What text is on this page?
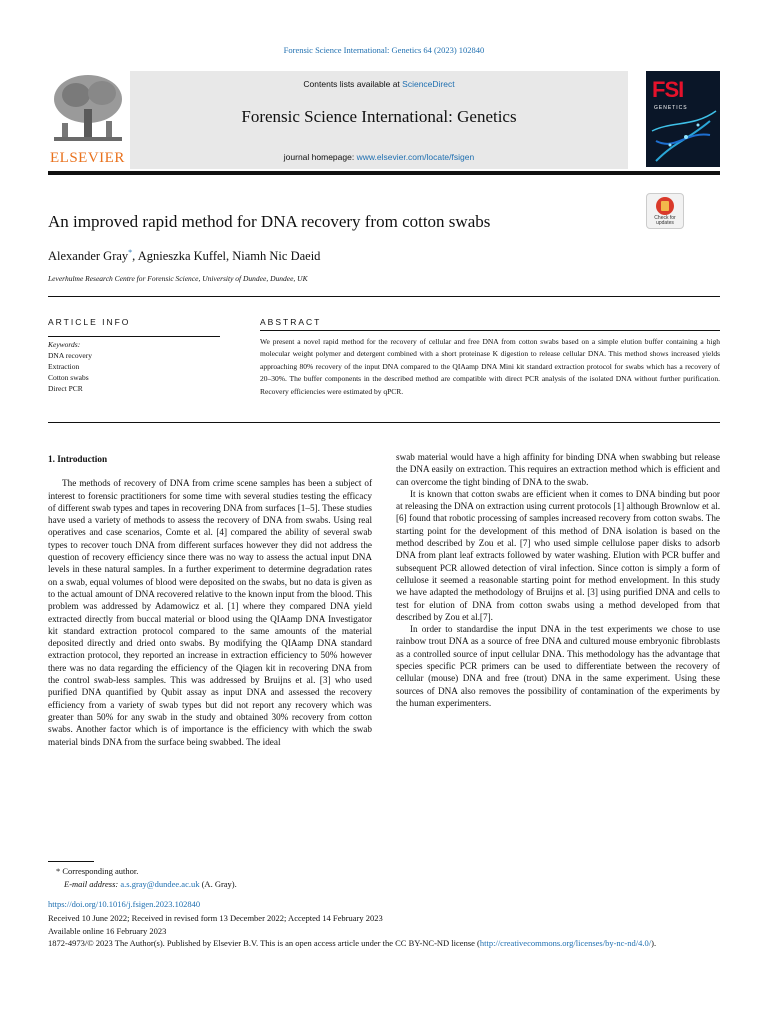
Forensic Science International: Genetics 64 (2023) 102840
ELSEVIER
Contents lists available at ScienceDirect
Forensic Science International: Genetics
journal homepage: www.elsevier.com/locate/fsigen
FSI
GENETICS
An improved rapid method for DNA recovery from cotton swabs	Check for
updates
Alexander Gray*, Agnieszka Kuffel, Niamh Nic Daeid
Leverhulme Research Centre for Forensic Science, University of Dundee, Dundee, UK
ARTICLE INFO
Keywords:
DNA recovery
Extraction
Cotton swabs
Direct PCR
ABSTRACT
We present a novel rapid method for the recovery of cellular and free DNA from cotton swabs based on a simple elution buffer containing a high molecular weight polymer and detergent combined with a short proteinase K digestion to release cellular DNA. This method shows increased yields approaching 80% recovery of the input DNA compared to the QIAamp DNA Mini kit standard extraction protocol for swabs which has a recovery of 20–30%. The buffer components in the described method are compatible with direct PCR analysis of the isolated DNA without further purification. Recovery efficiencies were estimated by qPCR.
1. Introduction

The methods of recovery of DNA from crime scene samples has been a subject of interest to forensic practitioners for some time with several studies testing the efficacy of different swab types and tapes in recovering DNA from surfaces [1–5]. These studies have used a variety of methods to assess the recovery of DNA from swabs. Using real operatives and case scenarios, Comte et al. [4] compared the ability of several swab types to recover touch DNA from different surfaces however they did not address the question of recovery efficiency since there was no way to assess the actual input DNA levels in these natural samples. In a further experiment to determine degradation rates on a swab, equal volumes of blood were deposited on the swabs, but no data is given as to the actual amount of DNA recovered relative to the known input from the blood. This problem was addressed by Adamowicz et al. [1] where they compared DNA yield extracted directly from buccal material or blood using the QIAamp DNA Investigator kit standard extraction protocol compared to the same amounts of the material deposited directly and dried onto swabs. By modifying the QIAamp DNA standard extraction protocol, they reported an increase in extraction efficiency to 50% however there was no data regarding the efficiency of the Qiagen kit in recovering DNA from the control swab-less samples. This was addressed by Bruijns et al. [3] who used purified DNA quantified by Qubit assay as input DNA and assessed the recovery efficiency from a variety of swab types but did not report any recovery which was greater than 50% for any swab in the study and obtained 30% recovery from cotton swabs. Another factor which is of importance is the efficiency with which the swab material binds DNA from the surface being swabbed. The ideal

swab material would have a high affinity for binding DNA when swabbing but release the DNA easily on extraction. This requires an extraction method which is efficient and can overcome the tight binding of DNA to the swab.

It is known that cotton swabs are efficient when it comes to DNA binding but poor at releasing the DNA on extraction using current protocols [1] although Brownlow et al. [6] found that robotic processing of samples increased recovery from cotton swabs. The starting point for the development of this method of DNA isolation is based on the method described by Zou et al. [7] who used simple cellulose paper disks to adsorb DNA from plant leaf extracts followed by water washing. Elution with PCR buffer and subsequent PCR allowed detection of viral infection. Since cotton is simply a form of cellulose it seemed a reasonable starting point for method envelopment. In this study we have adapted the methodology of Bruijns et al. [3] using purified DNA and cells to test for elution of DNA from cotton swabs using a method developed from that described by Zou et al.[7].

In order to standardise the input DNA in the test experiments we chose to use rainbow trout DNA as a source of free DNA and cultured mouse embryonic fibroblasts as a controlled source of input cellular DNA. This methodology has the advantage that species specific PCR primers can be used to differentiate between the recovery of cellular (mouse) DNA and free (trout) DNA in the same experiment. Using these sources of DNA also removes the possibility of contamination of the experiments by the human experimenters.

* Corresponding author.
E-mail address: a.s.gray@dundee.ac.uk (A. Gray).
https://doi.org/10.1016/j.fsigen.2023.102840
Received 10 June 2022; Received in revised form 13 December 2022; Accepted 14 February 2023
Available online 16 February 2023
1872-4973/© 2023 The Author(s). Published by Elsevier B.V. This is an open access article under the CC BY-NC-ND license (http://creativecommons.org/licenses/by-nc-nd/4.0/).
